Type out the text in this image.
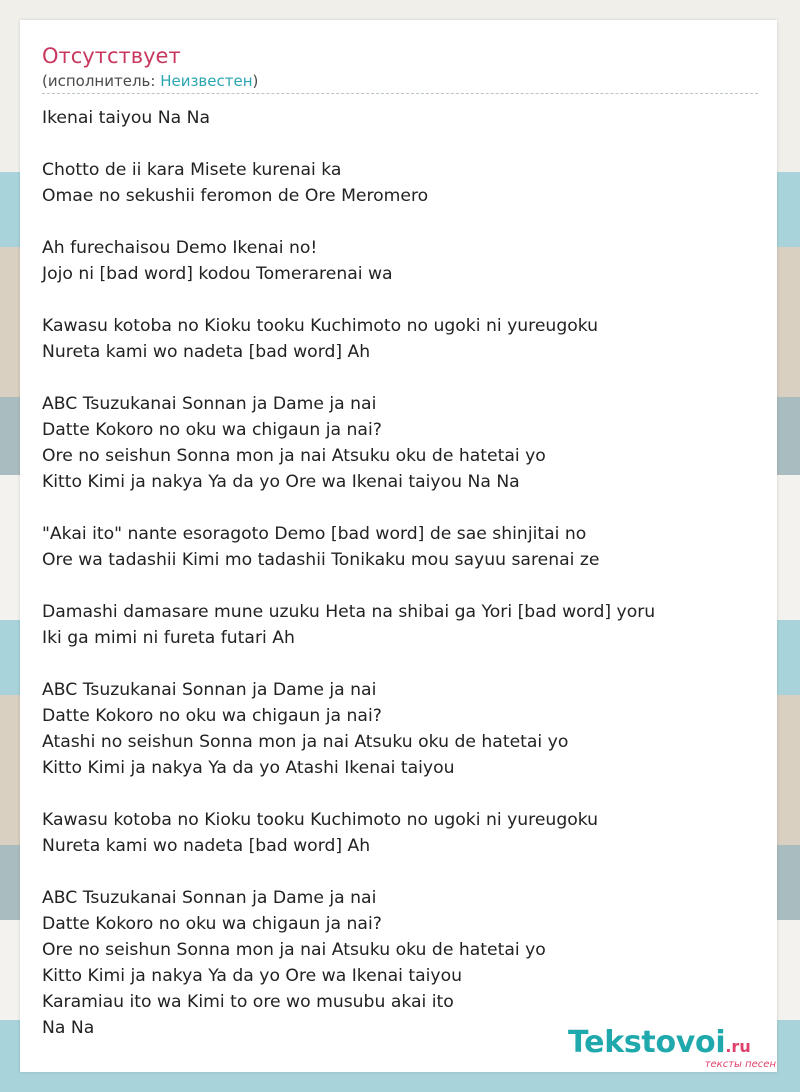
Отсутствует
(исполнитель: Неизвестен)
Ikenai taiyou Na Na
Chotto de ii kara Misete kurenai ka
Omae no sekushii feromon de Ore Meromero
Ah furechaisou Demo Ikenai no!
Jojo ni [bad word] kodou Tomerarenai wa
Kawasu kotoba no Kioku tooku Kuchimoto no ugoki ni yureugoku
Nureta kami wo nadeta [bad word] Ah
ABC Tsuzukanai Sonnan ja Dame ja nai
Datte Kokoro no oku wa chigaun ja nai?
Ore no seishun Sonna mon ja nai Atsuku oku de hatetai yo
Kitto Kimi ja nakya Ya da yo Ore wa Ikenai taiyou Na Na
"Akai ito" nante esoragoto Demo [bad word] de sae shinjitai no
Ore wa tadashii Kimi mo tadashii Tonikaku mou sayuu sarenai ze
Damashi damasare mune uzuku Heta na shibai ga Yori [bad word] yoru
Iki ga mimi ni fureta futari Ah
ABC Tsuzukanai Sonnan ja Dame ja nai
Datte Kokoro no oku wa chigaun ja nai?
Atashi no seishun Sonna mon ja nai Atsuku oku de hatetai yo
Kitto Kimi ja nakya Ya da yo Atashi Ikenai taiyou
Kawasu kotoba no Kioku tooku Kuchimoto no ugoki ni yureugoku
Nureta kami wo nadeta [bad word] Ah
ABC Tsuzukanai Sonnan ja Dame ja nai
Datte Kokoro no oku wa chigaun ja nai?
Ore no seishun Sonna mon ja nai Atsuku oku de hatetai yo
Kitto Kimi ja nakya Ya da yo Ore wa Ikenai taiyou
Karamiau ito wa Kimi to ore wo musubu akai ito
Na Na	Tekstovoi.ru
тексты песен
